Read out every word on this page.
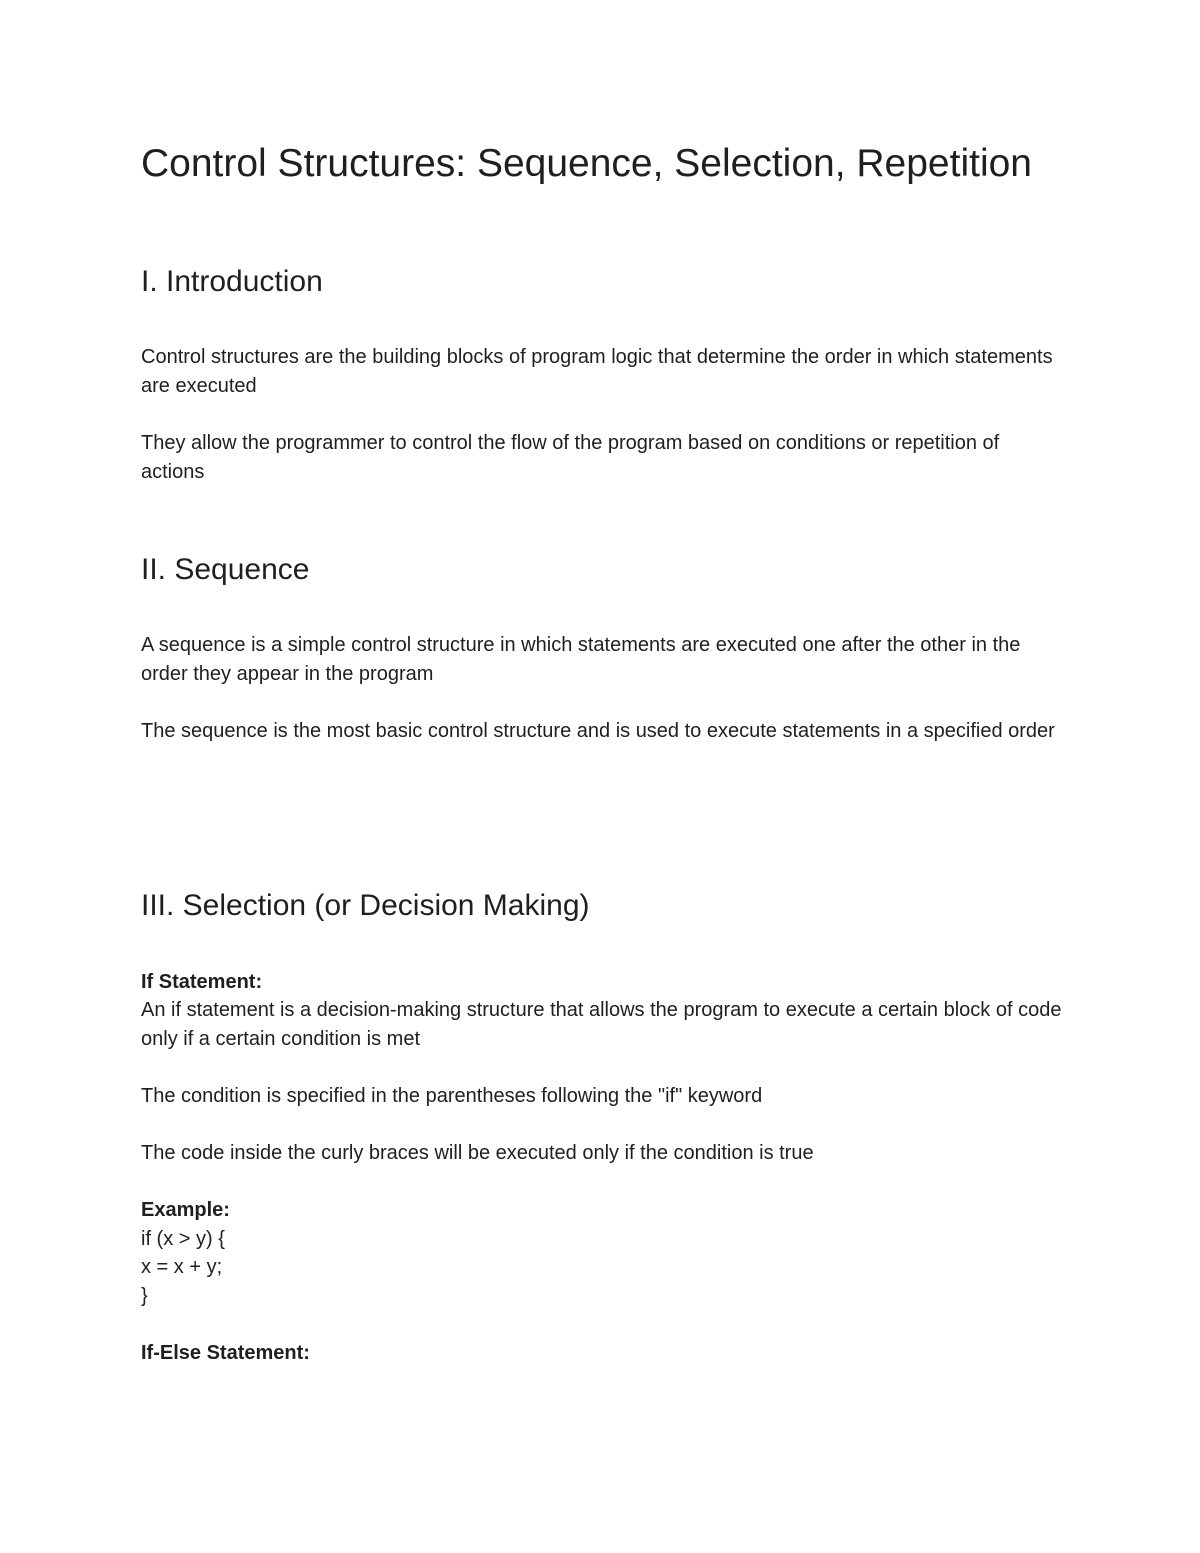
Control Structures: Sequence, Selection, Repetition
I. Introduction

Control structures are the building blocks of program logic that determine the order in which statements are executed

They allow the programmer to control the flow of the program based on conditions or repetition of actions

II. Sequence

A sequence is a simple control structure in which statements are executed one after the other in the order they appear in the program

The sequence is the most basic control structure and is used to execute statements in a specified order

III. Selection (or Decision Making)
If Statement:

An if statement is a decision-making structure that allows the program to execute a certain block of code only if a certain condition is met

The condition is specified in the parentheses following the "if" keyword

The code inside the curly braces will be executed only if the condition is true

Example:
if (x > y) {
x = x + y;
}
If-Else Statement:
